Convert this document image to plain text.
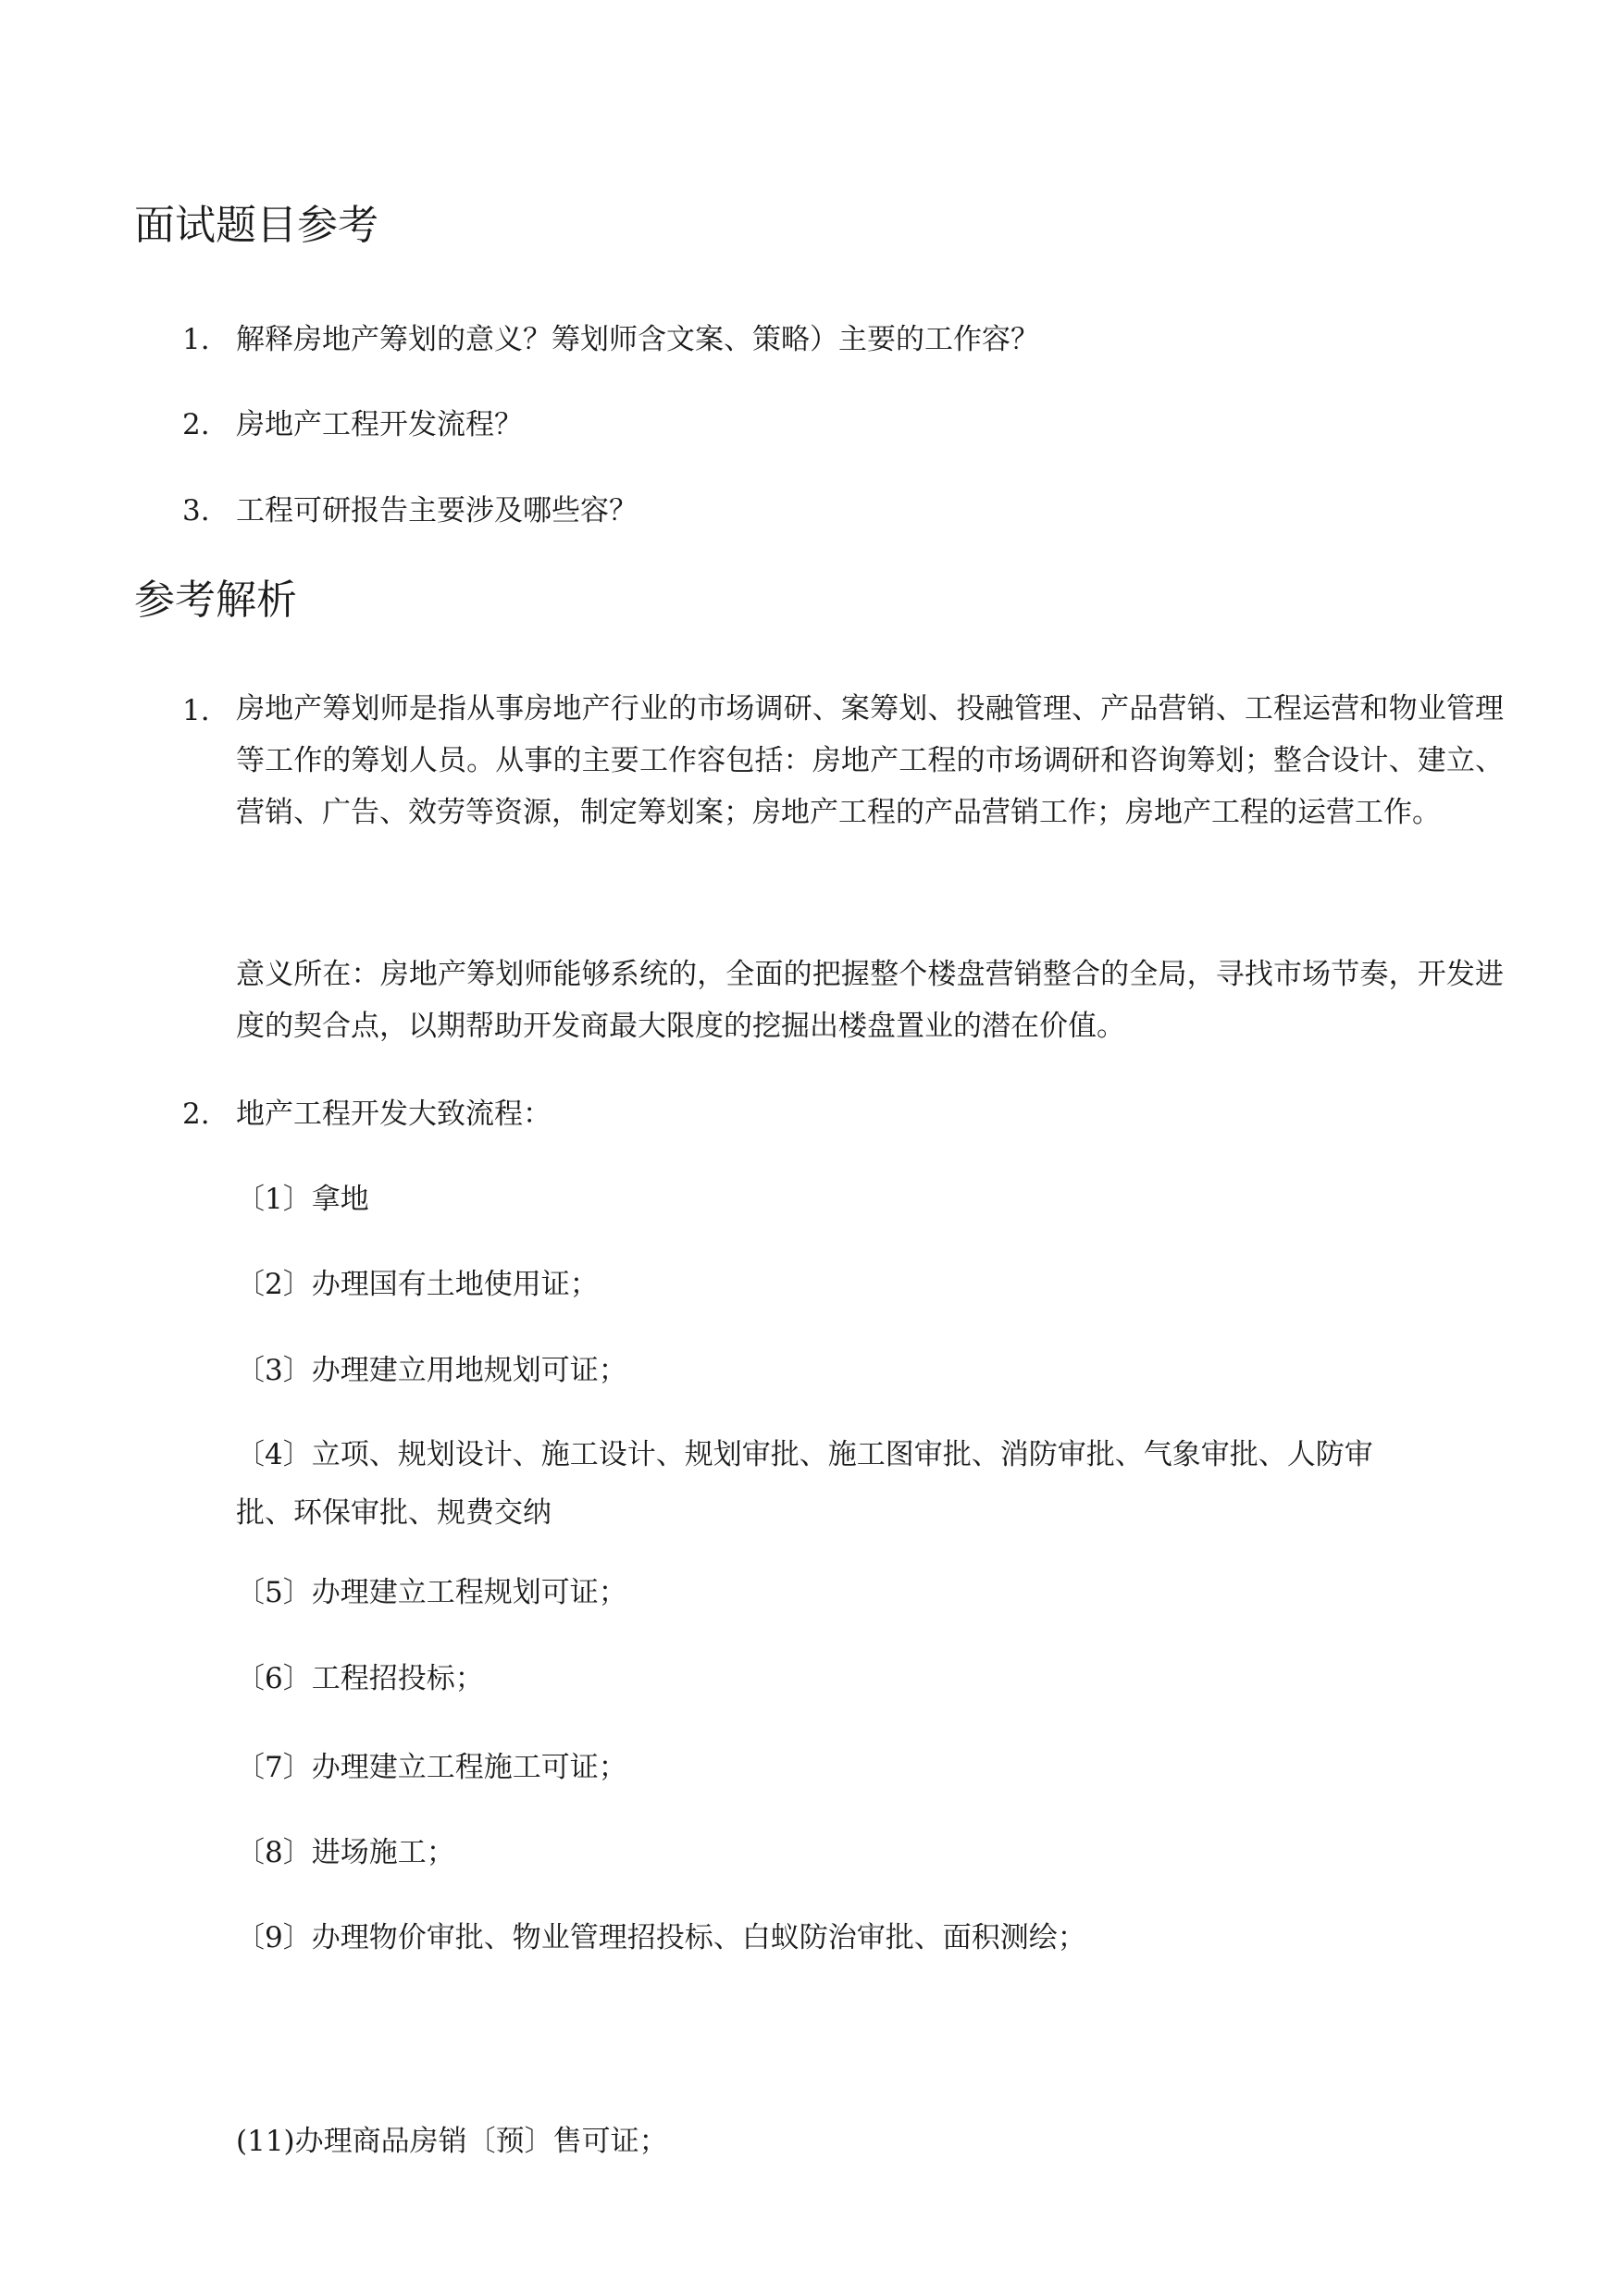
面试题目参考
1. 解释房地产筹划的意义？筹划师含文案、策略）主要的工作容？
2. 房地产工程开发流程？
3. 工程可研报告主要涉及哪些容？
参考解析
1. 房地产筹划师是指从事房地产行业的市场调研、案筹划、投融管理、产品营销、工程运营和物业管理等工作的筹划人员。从事的主要工作容包括：房地产工程的市场调研和咨询筹划；整合设计、建立、营销、广告、效劳等资源，制定筹划案；房地产工程的产品营销工作；房地产工程的运营工作。

意义所在：房地产筹划师能够系统的，全面的把握整个楼盘营销整合的全局，寻找市场节奏，开发进度的契合点，以期帮助开发商最大限度的挖掘出楼盘置业的潜在价值。

2. 地产工程开发大致流程：
〔1〕拿地
〔2〕办理国有土地使用证；
〔3〕办理建立用地规划可证；

〔4〕立项、规划设计、施工设计、规划审批、施工图审批、消防审批、气象审批、人防审批、环保审批、规费交纳

〔5〕办理建立工程规划可证；
〔6〕工程招投标；
〔7〕办理建立工程施工可证；
〔8〕进场施工；
〔9〕办理物价审批、物业管理招投标、白蚁防治审批、面积测绘；
(11)办理商品房销〔预〕售可证；
